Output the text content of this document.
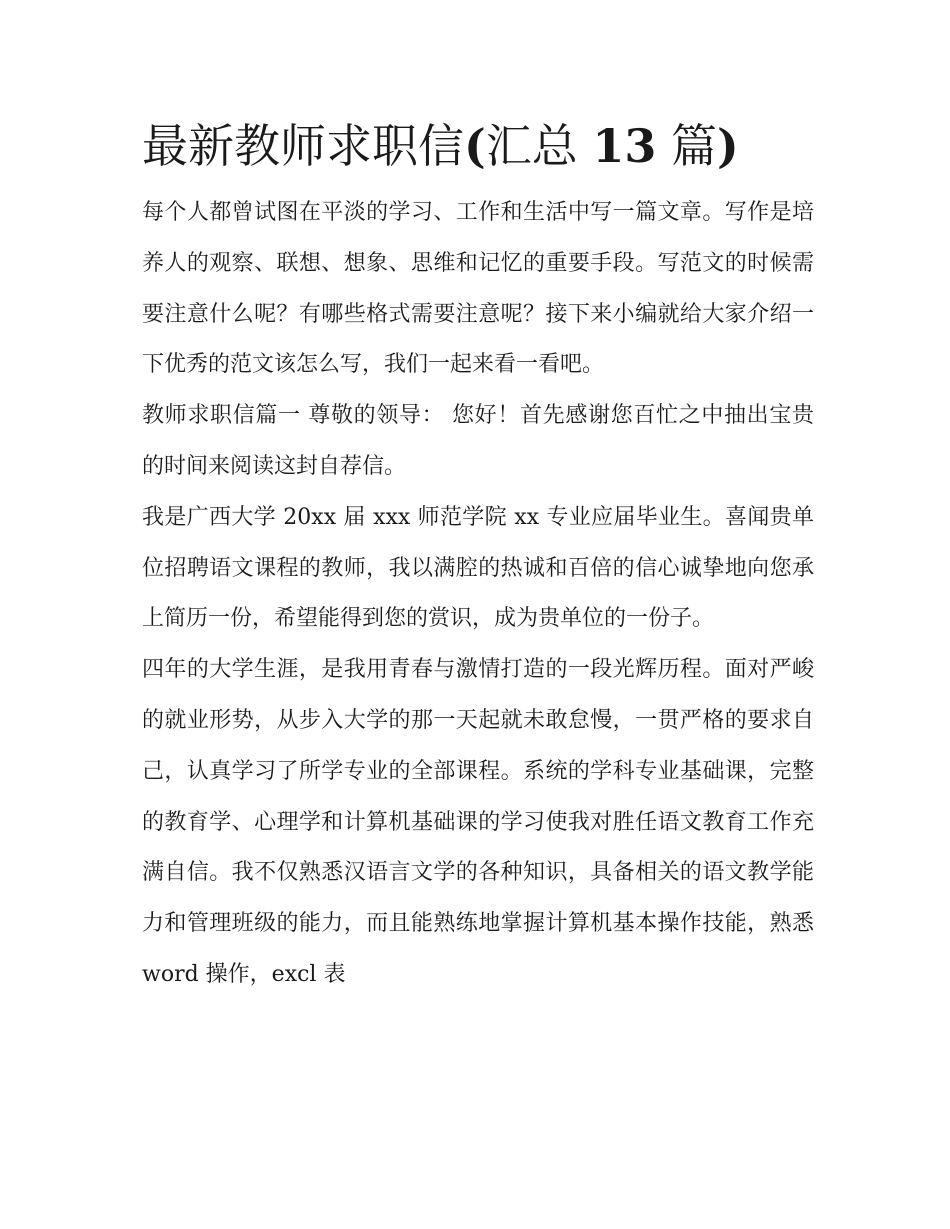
最新教师求职信(汇总 13 篇)

每个人都曾试图在平淡的学习、工作和生活中写一篇文章。写作是培养人的观察、联想、想象、思维和记忆的重要手段。写范文的时候需要注意什么呢？有哪些格式需要注意呢？接下来小编就给大家介绍一下优秀的范文该怎么写，我们一起来看一看吧。

教师求职信篇一 尊敬的领导： 您好！首先感谢您百忙之中抽出宝贵的时间来阅读这封自荐信。

我是广西大学 20xx 届 xxx 师范学院 xx 专业应届毕业生。喜闻贵单位招聘语文课程的教师，我以满腔的热诚和百倍的信心诚挚地向您承上简历一份，希望能得到您的赏识，成为贵单位的一份子。

四年的大学生涯，是我用青春与激情打造的一段光辉历程。面对严峻的就业形势，从步入大学的那一天起就未敢怠慢，一贯严格的要求自己，认真学习了所学专业的全部课程。系统的学科专业基础课，完整的教育学、心理学和计算机基础课的学习使我对胜任语文教育工作充满自信。我不仅熟悉汉语言文学的各种知识，具备相关的语文教学能力和管理班级的能力，而且能熟练地掌握计算机基本操作技能，熟悉 word 操作，excl 表
